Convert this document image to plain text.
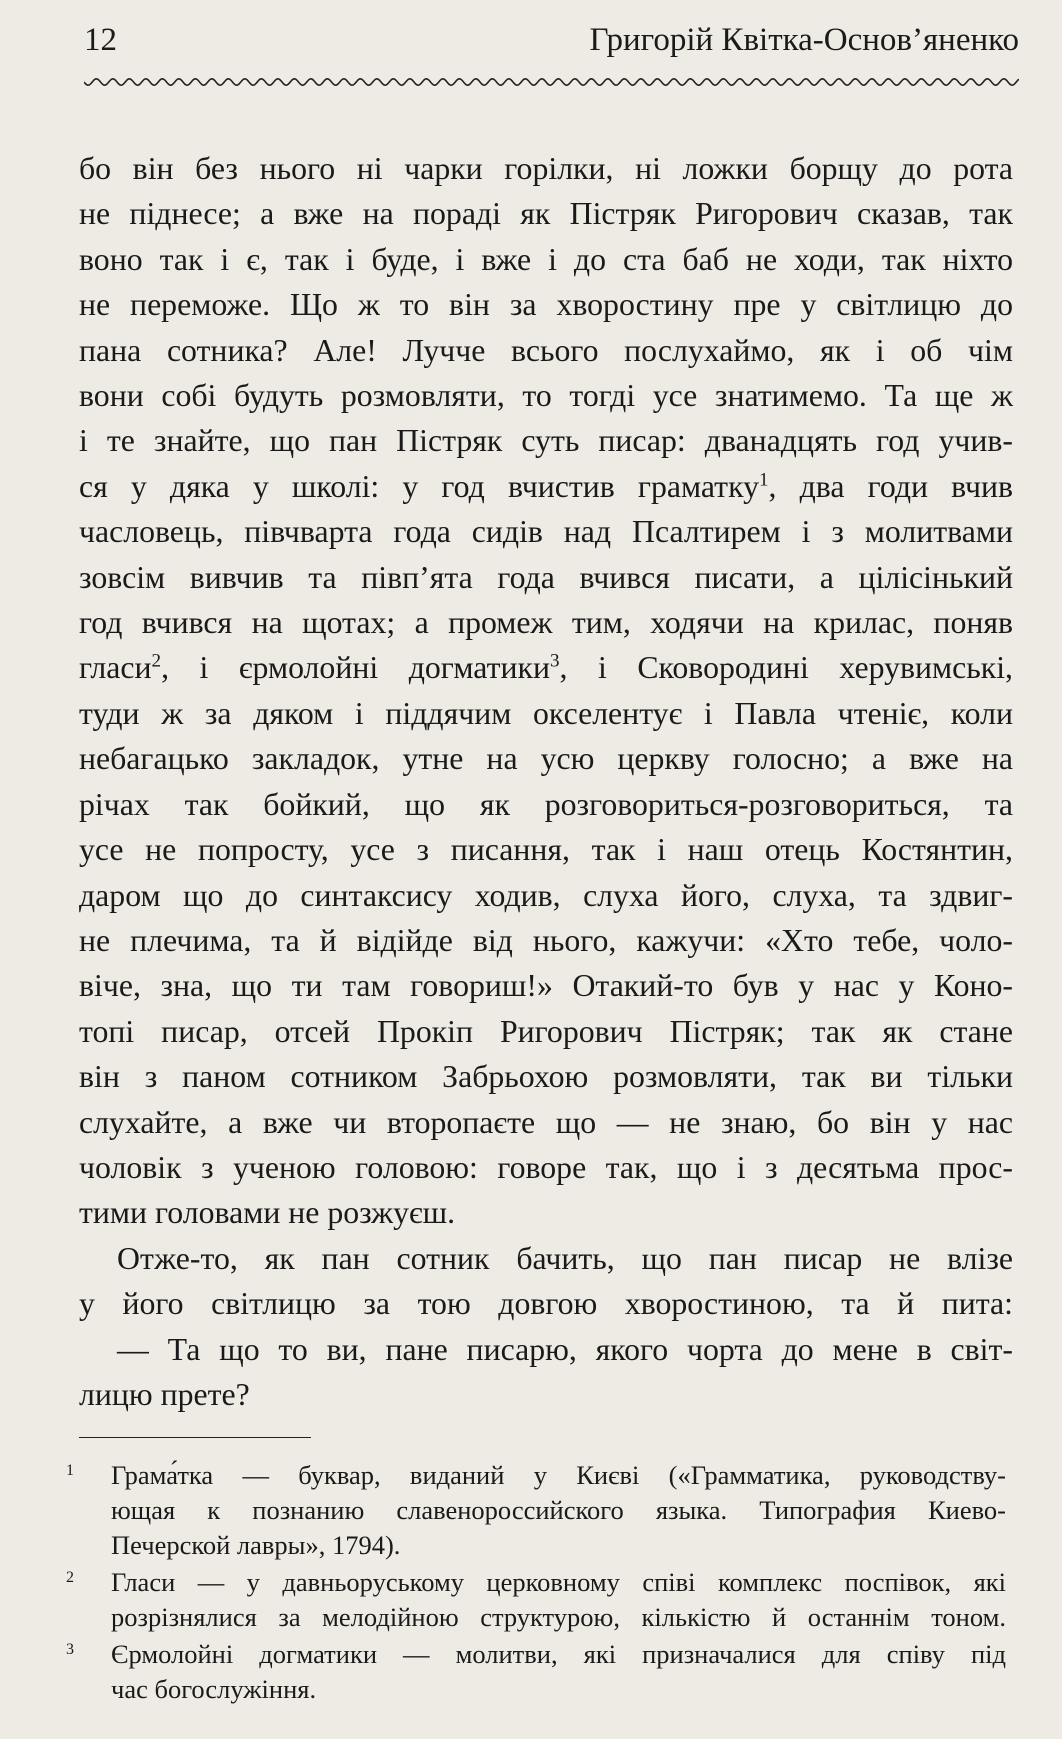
12	Григорій Квітка-Основ’яненко
бо він без нього ні чарки горілки, ні ложки борщу до рота
не піднесе; а вже на пораді як Пістряк Ригорович сказав, так
воно так і є, так і буде, і вже і до ста баб не ходи, так ніхто
не переможе. Що ж то він за хворостину пре у світлицю до
пана сотника? Але! Лучче всього послухаймо, як і об чім
вони собі будуть розмовляти, то тогді усе знатимемо. Та ще ж
і те знайте, що пан Пістряк суть писар: дванадцять год учив-
ся у дяка у школі: у год вчистив граматку$^1$, два годи вчив
часловець, півчварта года сидів над Псалтирем і з молитвами
зовсім вивчив та півп’ята года вчився писати, а цілісінький
год вчився на щотах; а промеж тим, ходячи на крилас, поняв
гласи$^2$, і єрмолойні догматики$^3$, і Сковородині херувимські,
туди ж за дяком і піддячим окселентує і Павла чтеніє, коли
небагацько закладок, утне на усю церкву голосно; а вже на
річах так бойкий, що як розговориться-розговориться, та
усе не попросту, усе з писання, так і наш отець Костянтин,
даром що до синтаксису ходив, слуха його, слуха, та здвиг-
не плечима, та й відійде від нього, кажучи: «Хто тебе, чоло-
віче, зна, що ти там говориш!» Отакий-то був у нас у Коно-
топі писар, отсей Прокіп Ригорович Пістряк; так як стане
він з паном сотником Забрьохою розмовляти, так ви тільки
слухайте, а вже чи второпаєте що — не знаю, бо він у нас
чоловік з ученою головою: говоре так, що і з десятьма прос-
тими головами не розжуєш.
Отже-то, як пан сотник бачить, що пан писар не влізе
у його світлицю за тою довгою хворостиною, та й пита:
— Та що то ви, пане писарю, якого чорта до мене в світ-
лицю прете?
1 Грама́тка — буквар, виданий у Києві («Грамматика, руководству-
ющая к познанию славенороссийского языка. Типография Киево-
Печерской лавры», 1794).
2 Гласи — у давньоруському церковному співі комплекс поспівок, які
розрізнялися за мелодійною структурою, кількістю й останнім тоном.
3 Єрмолойні догматики — молитви, які призначалися для співу під
час богослужіння.
